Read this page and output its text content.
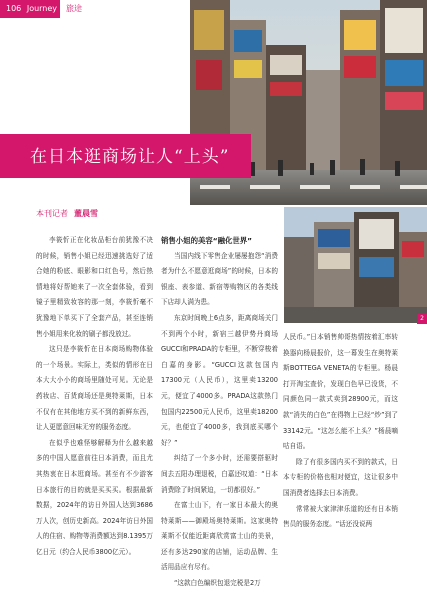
106 Journey	旅途
2
在日本逛商场让人“上头”
本刊记者 董晨雪

李筱忻正在化妆品柜台前犹豫不决的时候，销售小姐已经迅速挑选好了适合她的粉底、眼影和口红色号，然后热情地将好帮她来了一次全套体验，看到镜子里精致妆容的那一刻，李筱忻毫不犹豫地下单买下了全套产品，甚至连销售小姐用来化妆的刷子都没放过。

这只是李筱忻在日本商场购物体验的一个场景。实际上，类似的情形在日本大大小小的商场里随处可见。无论是药妆店、百货商场还是奥特莱斯，日本不仅有在其他地方买不到的新鲜东西，让人更愿意回味无穷的服务态度。

在似乎也难怪够解释为什么越来越多的中国人愿意前往日本消费，而且尤其热衷在日本逛商场。甚至有不少游客日本旅行的目的就是买买买。根据最新数据，2024年的访日外国人达到3686万人次，创历史新高。2024年访日外国人的住宿、购物等消费额达到8.1395万亿日元（约合人民币3800亿元）。

销售小姐的美容“融化世界”

当国内线下零售企业屡屡抱怨“消费者为什么不愿意逛商场”的时候，日本的银座、表参道、新宿等购物区的各类线下店却人满为患。

东京时间晚上6点多，距离商场关门不到两个小时，新宿三越伊势丹商场GUCCI和PRADA的专柜里，不断穿梭着白嘉的身影。“GUCCI这款包国内17300元（人民币），这里卖13200元，便宜了4000多。PRADA这款热门包国内22500元人民币，这里卖18200元，也便宜了4000多，我到底买哪个好？”

纠结了一个多小时，还需要搭驱时间去五阳办理退税，白嘉还叹道：“日本消费除了时间紧迫，一切都很好。”

在富士山下，有一家日本最大的奥特莱斯——御殿场奥特莱斯。这家奥特莱斯不仅能近距离欣赏富士山的美景，还有多达290家的店铺，运动品牌、生活用品应有尽有。

“这款白色编织包退完税是2万

人民币。”日本销售帅哥热情按着汇率转换器向杨晨报价，这一幕发生在奥特莱斯BOTTEGA VENETA的专柜里。杨晨打开淘宝查价，发现白色早已没货，不同颜色同一款式卖到28900元，而这款“消失的白色”在得物上已经“炒”到了33142元。“这怎么能不上头？”杨晨嘀咕自语。

除了有很多国内买不到的款式，日本专柜的价格也相对便宜，这让很多中国消费者选择去日本消费。

常常被大家津津乐道的还有日本销售员的服务态度。“话还没说两
